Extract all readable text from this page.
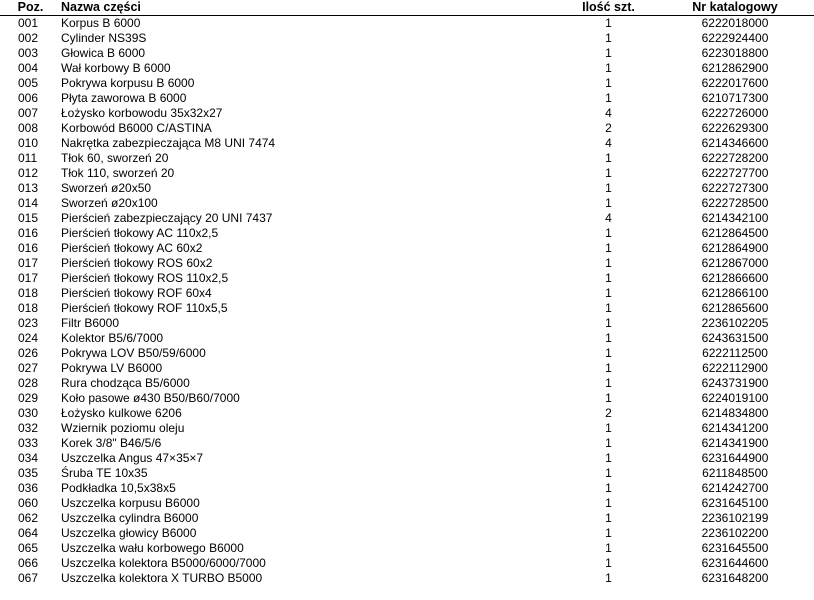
Poz.	Nazwa części	Ilość szt.	Nr katalogowy
001	Korpus B 6000	1	6222018000
002	Cylinder NS39S	1	6222924400
003	Głowica B 6000	1	6223018800
004	Wał korbowy B 6000	1	6212862900
005	Pokrywa korpusu B 6000	1	6222017600
006	Płyta zaworowa B 6000	1	6210717300
007	Łożysko korbowodu 35x32x27	4	6222726000
008	Korbowód B6000 C/ASTINA	2	6222629300
010	Nakrętka zabezpieczająca M8 UNI 7474	4	6214346600
011	Tłok 60, sworzeń 20	1	6222728200
012	Tłok 110, sworzeń 20	1	6222727700
013	Sworzeń ø20x50	1	6222727300
014	Sworzeń ø20x100	1	6222728500
015	Pierścień zabezpieczający 20 UNI 7437	4	6214342100
016	Pierścień tłokowy AC 110x2,5	1	6212864500
016	Pierścień tłokowy AC 60x2	1	6212864900
017	Pierścień tłokowy ROS 60x2	1	6212867000
017	Pierścień tłokowy ROS 110x2,5	1	6212866600
018	Pierścień tłokowy ROF 60x4	1	6212866100
018	Pierścień tłokowy ROF 110x5,5	1	6212865600
023	Filtr B6000	1	2236102205
024	Kolektor B5/6/7000	1	6243631500
026	Pokrywa LOV B50/59/6000	1	6222112500
027	Pokrywa LV B6000	1	6222112900
028	Rura chodząca B5/6000	1	6243731900
029	Koło pasowe ø430 B50/B60/7000	1	6224019100
030	Łożysko kulkowe 6206	2	6214834800
032	Wziernik poziomu oleju	1	6214341200
033	Korek 3/8" B46/5/6	1	6214341900
034	Uszczelka Angus 47×35×7	1	6231644900
035	Śruba TE 10x35	1	6211848500
036	Podkładka 10,5x38x5	1	6214242700
060	Uszczelka korpusu B6000	1	6231645100
062	Uszczelka cylindra B6000	1	2236102199
064	Uszczelka głowicy B6000	1	2236102200
065	Uszczelka wału korbowego B6000	1	6231645500
066	Uszczelka kolektora B5000/6000/7000	1	6231644600
067	Uszczelka kolektora X TURBO B5000	1	6231648200
